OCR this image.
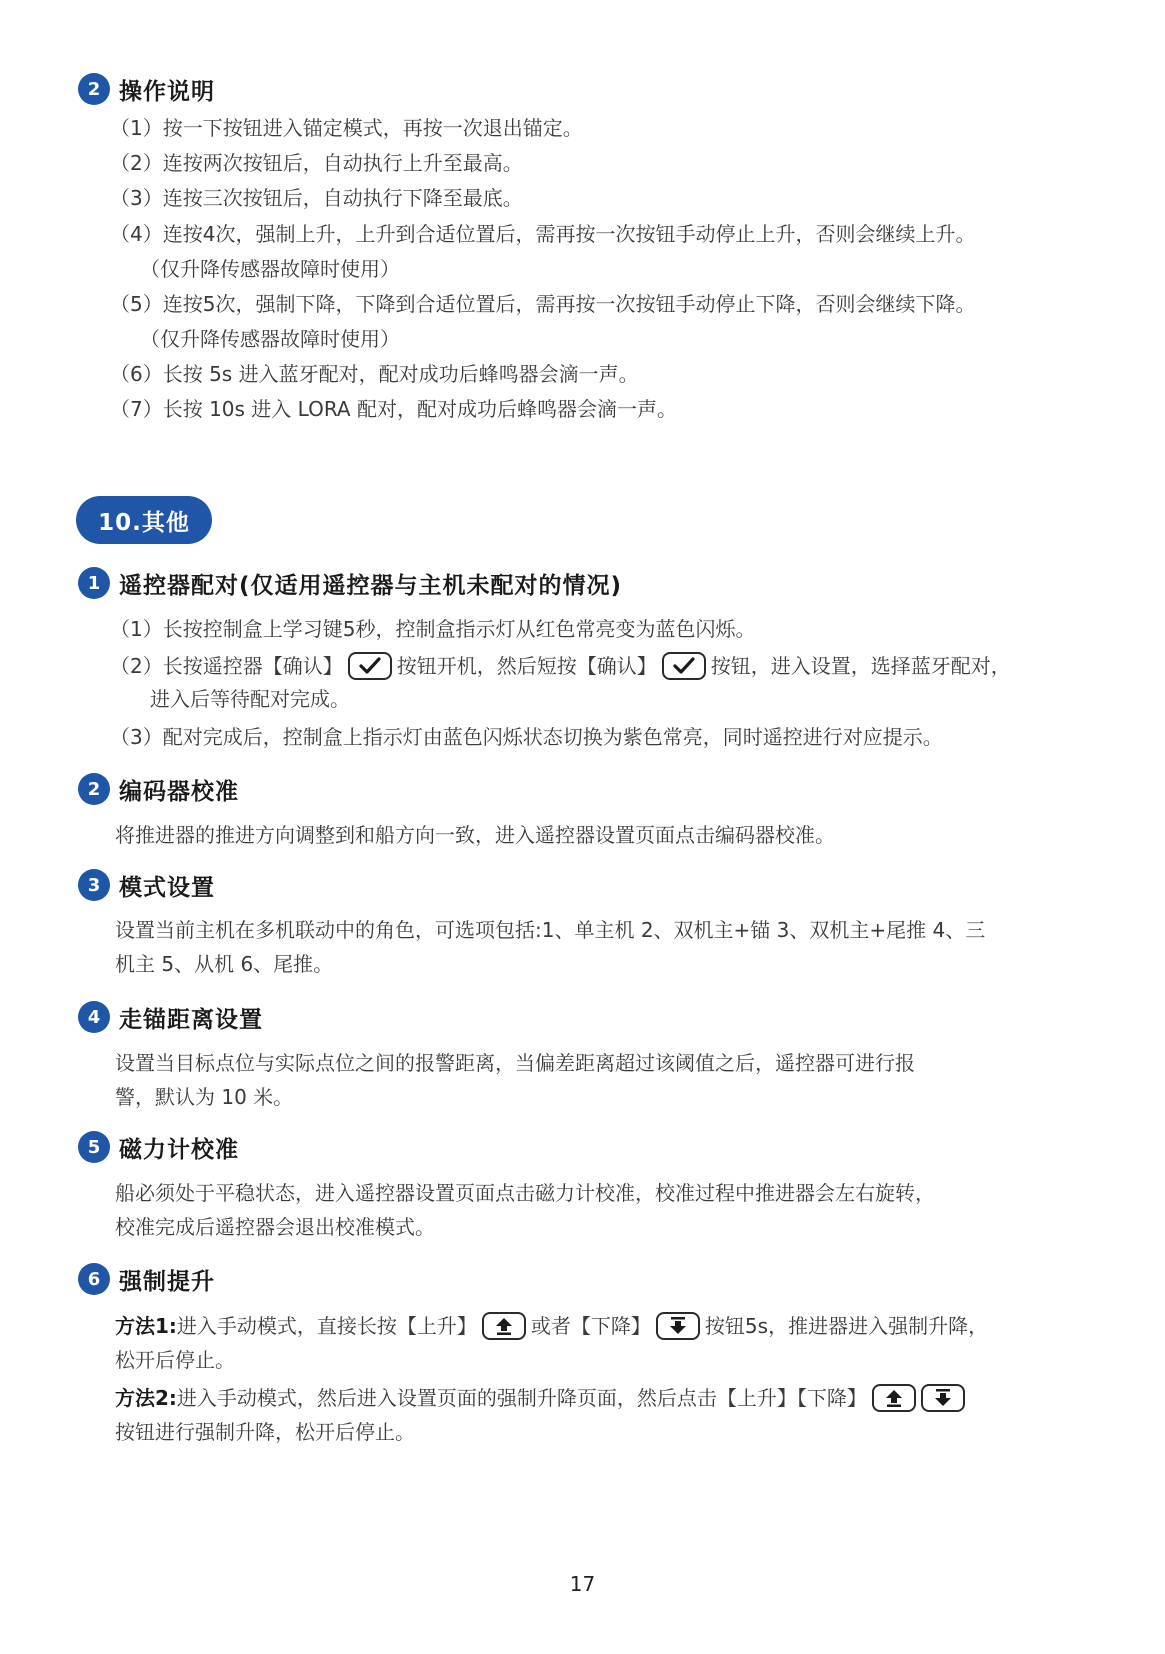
2 操作说明
（1）按一下按钮进入锚定模式，再按一次退出锚定。
（2）连按两次按钮后，自动执行上升至最高。
（3）连按三次按钮后，自动执行下降至最底。
（4）连按4次，强制上升，上升到合适位置后，需再按一次按钮手动停止上升，否则会继续上升。
（仅升降传感器故障时使用）
（5）连按5次，强制下降，下降到合适位置后，需再按一次按钮手动停止下降，否则会继续下降。
（仅升降传感器故障时使用）
（6）长按 5s 进入蓝牙配对，配对成功后蜂鸣器会滴一声。
（7）长按 10s 进入 LORA 配对，配对成功后蜂鸣器会滴一声。
10.其他
1 遥控器配对(仅适用遥控器与主机未配对的情况)
（1）长按控制盒上学习键5秒，控制盒指示灯从红色常亮变为蓝色闪烁。
（2）长按遥控器【确认】	按钮开机，然后短按【确认】	按钮，进入设置，选择蓝牙配对，
进入后等待配对完成。
（3）配对完成后，控制盒上指示灯由蓝色闪烁状态切换为紫色常亮，同时遥控进行对应提示。
2 编码器校准
将推进器的推进方向调整到和船方向一致，进入遥控器设置页面点击编码器校准。
3 模式设置
设置当前主机在多机联动中的角色，可选项包括:1、单主机 2、双机主+锚 3、双机主+尾推 4、三
机主 5、从机 6、尾推。
4 走锚距离设置
设置当目标点位与实际点位之间的报警距离，当偏差距离超过该阈值之后，遥控器可进行报
警，默认为 10 米。
5 磁力计校准
船必须处于平稳状态，进入遥控器设置页面点击磁力计校准，校准过程中推进器会左右旋转，
校准完成后遥控器会退出校准模式。
6 强制提升
方法1:进入手动模式，直接长按【上升】	或者【下降】	按钮5s，推进器进入强制升降，
松开后停止。
方法2:进入手动模式，然后进入设置页面的强制升降页面，然后点击【上升】【下降】
按钮进行强制升降，松开后停止。
17
